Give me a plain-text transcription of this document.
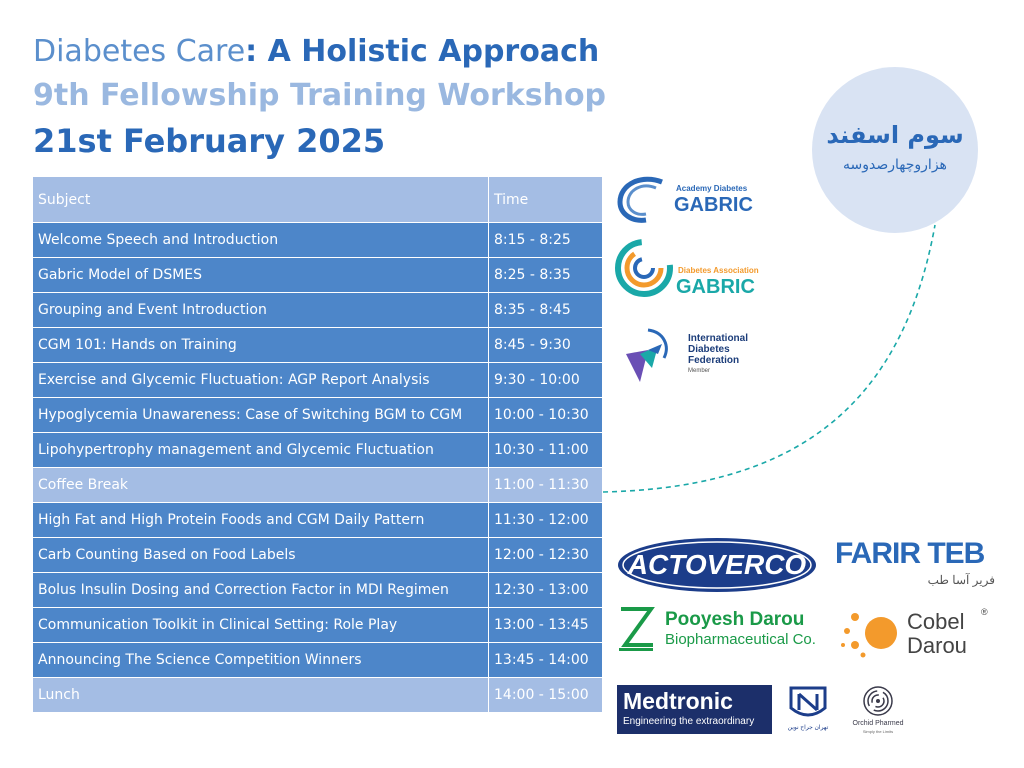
Diabetes Care: A Holistic Approach
9th Fellowship Training Workshop
21st February 2025
Subject	Time
Welcome Speech and Introduction	8:15 - 8:25
Gabric Model of DSMES	8:25 - 8:35
Grouping and Event Introduction	8:35 - 8:45
CGM 101: Hands on Training	8:45 - 9:30
Exercise and Glycemic Fluctuation: AGP Report Analysis	9:30 - 10:00
Hypoglycemia Unawareness: Case of Switching BGM to CGM	10:00 - 10:30
Lipohypertrophy management and Glycemic Fluctuation	10:30 - 11:00
Coffee Break	11:00 - 11:30
High Fat and High Protein Foods and CGM Daily Pattern	11:30 - 12:00
Carb Counting Based on Food Labels	12:00 - 12:30
Bolus Insulin Dosing and Correction Factor in MDI Regimen	12:30 - 13:00
Communication Toolkit in Clinical Setting: Role Play	13:00 - 13:45
Announcing The Science Competition Winners	13:45 - 14:00
Lunch	14:00 - 15:00
سوم اسفند
هزاروچهارصدوسه
Academy Diabetes
GABRIC
Diabetes Association
GABRIC
International
Diabetes
Federation
Member
ACTOVERCO FARIR TEB
فریر آسا طب
Pooyesh Darou
Biopharmaceutical Co.
Cobel
Darou
®
Medtronic
Engineering the extraordinary
تهران جراح نوین
Orchid Pharmed
Simply the Limits
